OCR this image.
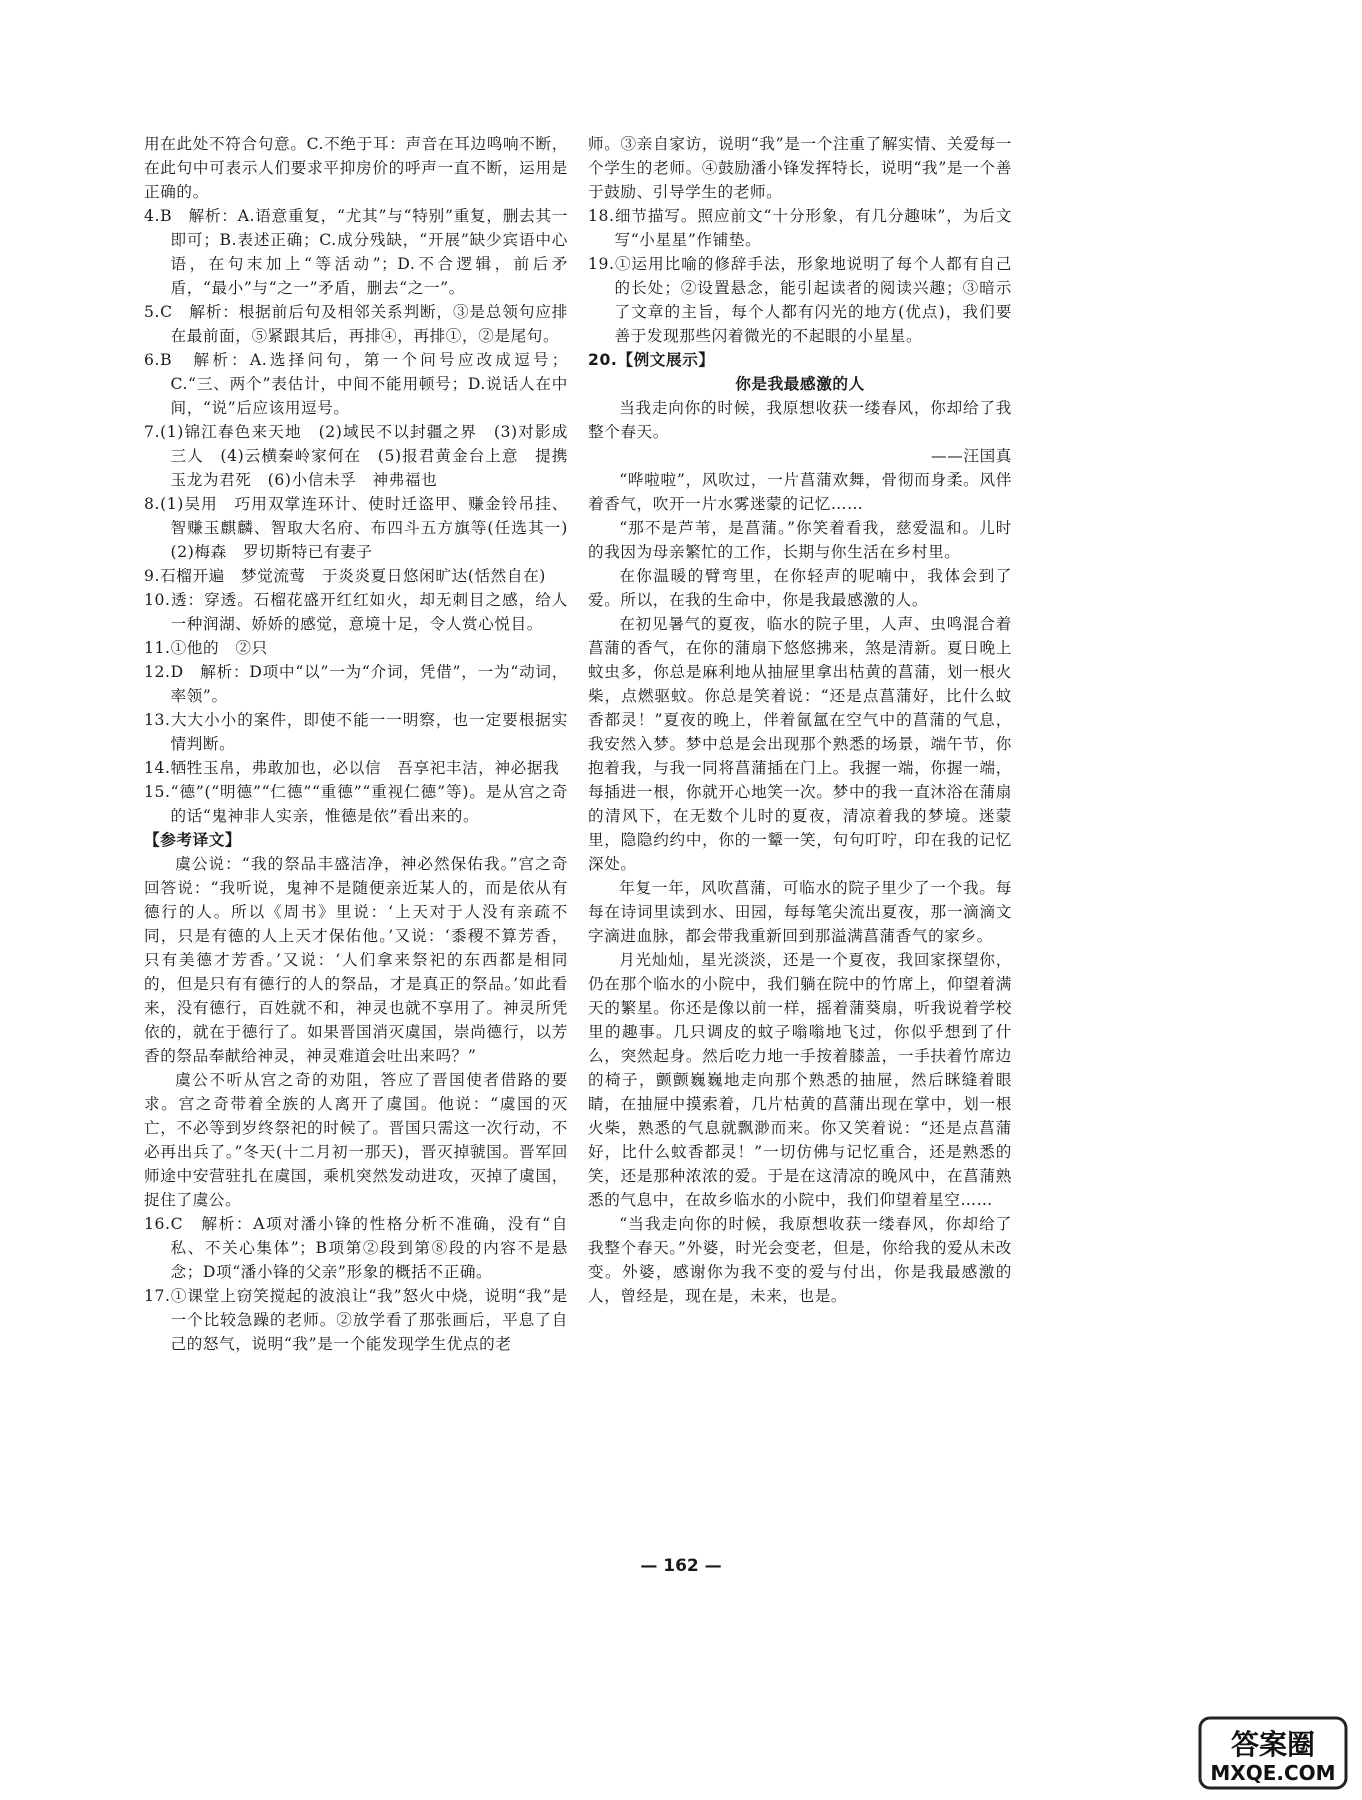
用在此处不符合句意。C.不绝于耳：声音在耳边鸣响不断，在此句中可表示人们要求平抑房价的呼声一直不断，运用是正确的。

4.B　解析：A.语意重复，“尤其”与“特别”重复，删去其一即可；B.表述正确；C.成分残缺，“开展”缺少宾语中心语，在句末加上“等活动”；D.不合逻辑，前后矛盾，“最小”与“之一”矛盾，删去“之一”。

5.C　解析：根据前后句及相邻关系判断，③是总领句应排在最前面，⑤紧跟其后，再排④，再排①，②是尾句。

6.B　解析：A.选择问句，第一个问号应改成逗号；C.“三、两个”表估计，中间不能用顿号；D.说话人在中间，“说”后应该用逗号。

7.(1)锦江春色来天地　(2)域民不以封疆之界　(3)对影成三人　(4)云横秦岭家何在　(5)报君黄金台上意　提携玉龙为君死　(6)小信未孚　神弗福也

8.(1)吴用　巧用双掌连环计、使时迁盗甲、赚金铃吊挂、智赚玉麒麟、智取大名府、布四斗五方旗等(任选其一)　(2)梅森　罗切斯特已有妻子

9.石榴开遍　梦觉流莺　于炎炎夏日悠闲旷达(恬然自在)

10.透：穿透。石榴花盛开红红如火，却无刺目之感，给人一种润湖、娇娇的感觉，意境十足，令人赏心悦目。

11.①他的　②只

12.D　解析：D项中“以”一为“介词，凭借”，一为“动词，率领”。

13.大大小小的案件，即使不能一一明察，也一定要根据实情判断。

14.牺牲玉帛，弗敢加也，必以信　吾享祀丰洁，神必据我

15.“德”(“明德”“仁德”“重德”“重视仁德”等)。是从宫之奇的话“鬼神非人实亲，惟德是依”看出来的。

【参考译文】

虞公说：“我的祭品丰盛洁净，神必然保佑我。”宫之奇回答说：“我听说，鬼神不是随便亲近某人的，而是依从有德行的人。所以《周书》里说：‘上天对于人没有亲疏不同，只是有德的人上天才保佑他。’又说：‘黍稷不算芳香，只有美德才芳香。’又说：‘人们拿来祭祀的东西都是相同的，但是只有有德行的人的祭品，才是真正的祭品。’如此看来，没有德行，百姓就不和，神灵也就不享用了。神灵所凭依的，就在于德行了。如果晋国消灭虞国，崇尚德行，以芳香的祭品奉献给神灵，神灵难道会吐出来吗？”

虞公不听从宫之奇的劝阻，答应了晋国使者借路的要求。宫之奇带着全族的人离开了虞国。他说：“虞国的灭亡，不必等到岁终祭祀的时候了。晋国只需这一次行动，不必再出兵了。”冬天(十二月初一那天)，晋灭掉虢国。晋军回师途中安营驻扎在虞国，乘机突然发动进攻，灭掉了虞国，捉住了虞公。

16.C　解析：A项对潘小锋的性格分析不准确，没有“自私、不关心集体”；B项第②段到第⑧段的内容不是悬念；D项“潘小锋的父亲”形象的概括不正确。

17.①课堂上窃笑搅起的波浪让“我”怒火中烧，说明“我”是一个比较急躁的老师。②放学看了那张画后，平息了自己的怒气，说明“我”是一个能发现学生优点的老

师。③亲自家访，说明“我”是一个注重了解实情、关爱每一个学生的老师。④鼓励潘小锋发挥特长，说明“我”是一个善于鼓励、引导学生的老师。

18.细节描写。照应前文“十分形象，有几分趣味”，为后文写“小星星”作铺垫。

19.①运用比喻的修辞手法，形象地说明了每个人都有自己的长处；②设置悬念，能引起读者的阅读兴趣；③暗示了文章的主旨，每个人都有闪光的地方(优点)，我们要善于发现那些闪着微光的不起眼的小星星。

20.【例文展示】

你是我最感激的人

当我走向你的时候，我原想收获一缕春风，你却给了我整个春天。

——汪国真

“哗啦啦”，风吹过，一片菖蒲欢舞，骨彻而身柔。风伴着香气，吹开一片水雾迷蒙的记忆……

“那不是芦苇，是菖蒲。”你笑着看我，慈爱温和。儿时的我因为母亲繁忙的工作，长期与你生活在乡村里。

在你温暖的臂弯里，在你轻声的呢喃中，我体会到了爱。所以，在我的生命中，你是我最感激的人。

在初见暑气的夏夜，临水的院子里，人声、虫鸣混合着菖蒲的香气，在你的蒲扇下悠悠拂来，煞是清新。夏日晚上蚊虫多，你总是麻利地从抽屉里拿出枯黄的菖蒲，划一根火柴，点燃驱蚊。你总是笑着说：“还是点菖蒲好，比什么蚊香都灵！”夏夜的晚上，伴着氤氲在空气中的菖蒲的气息，我安然入梦。梦中总是会出现那个熟悉的场景，端午节，你抱着我，与我一同将菖蒲插在门上。我握一端，你握一端，每插进一根，你就开心地笑一次。梦中的我一直沐浴在蒲扇的清风下，在无数个儿时的夏夜，清凉着我的梦境。迷蒙里，隐隐约约中，你的一颦一笑，句句叮咛，印在我的记忆深处。

年复一年，风吹菖蒲，可临水的院子里少了一个我。每每在诗词里读到水、田园，每每笔尖流出夏夜，那一滴滴文字滴进血脉，都会带我重新回到那溢满菖蒲香气的家乡。

月光灿灿，星光淡淡，还是一个夏夜，我回家探望你，仍在那个临水的小院中，我们躺在院中的竹席上，仰望着满天的繁星。你还是像以前一样，摇着蒲葵扇，听我说着学校里的趣事。几只调皮的蚊子嗡嗡地飞过，你似乎想到了什么，突然起身。然后吃力地一手按着膝盖，一手扶着竹席边的椅子，颤颤巍巍地走向那个熟悉的抽屉，然后眯缝着眼睛，在抽屉中摸索着，几片枯黄的菖蒲出现在掌中，划一根火柴，熟悉的气息就飘渺而来。你又笑着说：“还是点菖蒲好，比什么蚊香都灵！”一切仿佛与记忆重合，还是熟悉的笑，还是那种浓浓的爱。于是在这清凉的晚风中，在菖蒲熟悉的气息中，在故乡临水的小院中，我们仰望着星空……

“当我走向你的时候，我原想收获一缕春风，你却给了我整个春天。”外婆，时光会变老，但是，你给我的爱从未改变。外婆，感谢你为我不变的爱与付出，你是我最感激的人，曾经是，现在是，未来，也是。

— 162 —
答案圈
MXQE.COM
